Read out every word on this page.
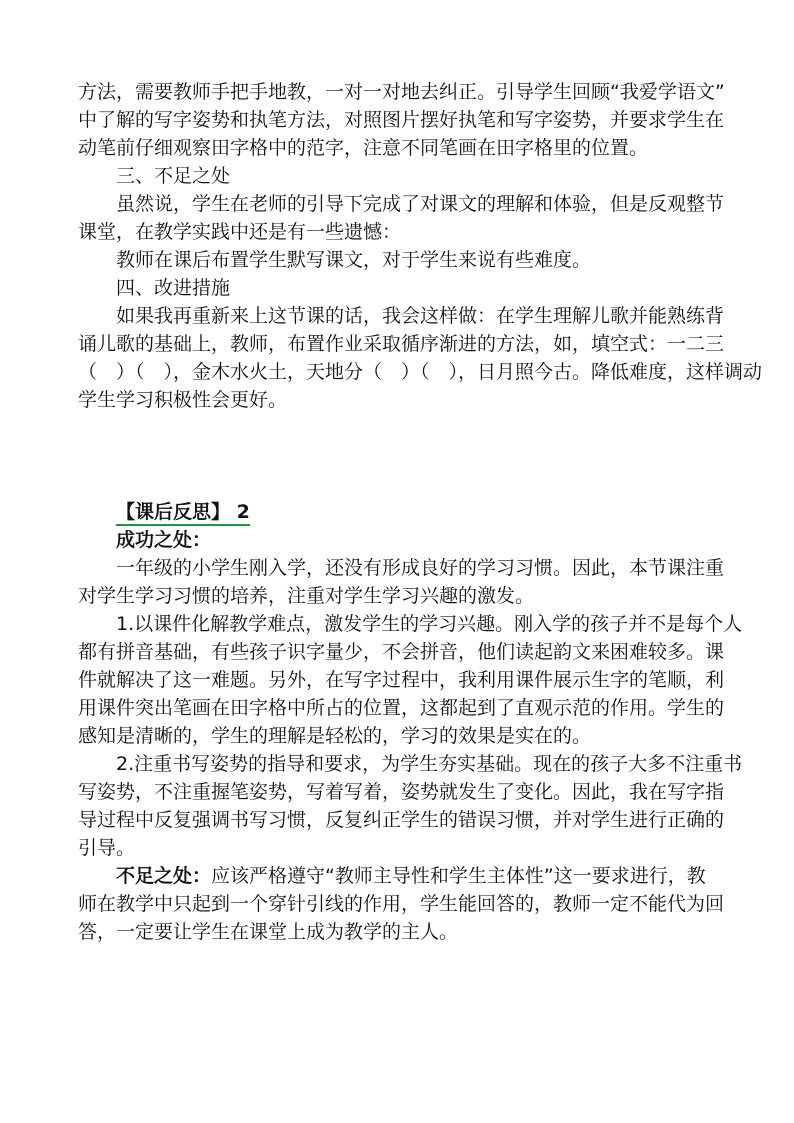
方法，需要教师手把手地教，一对一对地去纠正。引导学生回顾“我爱学语文”
中了解的写字姿势和执笔方法，对照图片摆好执笔和写字姿势，并要求学生在
动笔前仔细观察田字格中的范字，注意不同笔画在田字格里的位置。
三、不足之处
虽然说，学生在老师的引导下完成了对课文的理解和体验，但是反观整节
课堂，在教学实践中还是有一些遗憾：
教师在课后布置学生默写课文，对于学生来说有些难度。
四、改进措施
如果我再重新来上这节课的话，我会这样做：在学生理解儿歌并能熟练背
诵儿歌的基础上，教师，布置作业采取循序渐进的方法，如，填空式：一二三
（　）（　），金木水火土，天地分（　）（　），日月照今古。降低难度，这样调动
学生学习积极性会更好。
【课后反思】 2
成功之处：
一年级的小学生刚入学，还没有形成良好的学习习惯。因此，本节课注重
对学生学习习惯的培养，注重对学生学习兴趣的激发。
1.以课件化解教学难点，激发学生的学习兴趣。刚入学的孩子并不是每个人
都有拼音基础，有些孩子识字量少，不会拼音，他们读起韵文来困难较多。课
件就解决了这一难题。另外，在写字过程中，我利用课件展示生字的笔顺，利
用课件突出笔画在田字格中所占的位置，这都起到了直观示范的作用。学生的
感知是清晰的，学生的理解是轻松的，学习的效果是实在的。
2.注重书写姿势的指导和要求，为学生夯实基础。现在的孩子大多不注重书
写姿势，不注重握笔姿势，写着写着，姿势就发生了变化。因此，我在写字指
导过程中反复强调书写习惯，反复纠正学生的错误习惯，并对学生进行正确的
引导。
不足之处：应该严格遵守“教师主导性和学生主体性”这一要求进行，教
师在教学中只起到一个穿针引线的作用，学生能回答的，教师一定不能代为回
答，一定要让学生在课堂上成为教学的主人。
